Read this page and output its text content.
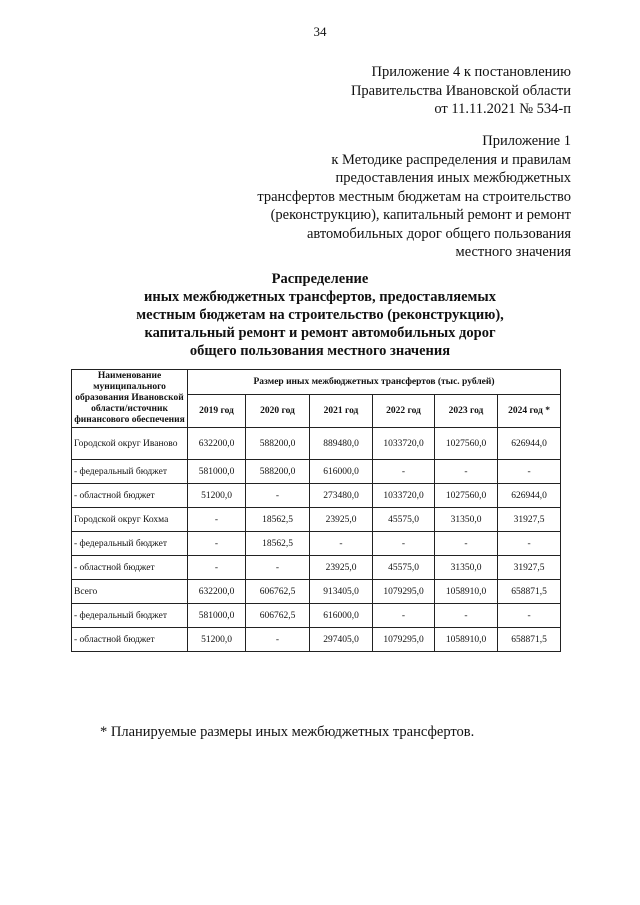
34
Приложение 4 к постановлению
Правительства Ивановской области
от 11.11.2021 № 534-п
Приложение 1
к Методике распределения и правилам
предоставления иных межбюджетных
трансфертов местным бюджетам на строительство
(реконструкцию), капитальный ремонт и ремонт
автомобильных дорог общего пользования
местного значения
Распределение
иных межбюджетных трансфертов, предоставляемых
местным бюджетам на строительство (реконструкцию),
капитальный ремонт и ремонт автомобильных дорог
общего пользования местного значения
Наименование муниципального образования Ивановской области/источник финансового обеспечения	Размер иных межбюджетных трансфертов (тыс. рублей)					
	2019 год	2020 год	2021 год	2022 год	2023 год	2024 год *
Городской округ Иваново	632200,0	588200,0	889480,0	1033720,0	1027560,0	626944,0
- федеральный бюджет	581000,0	588200,0	616000,0	-	-	-
- областной бюджет	51200,0	-	273480,0	1033720,0	1027560,0	626944,0
Городской округ Кохма	-	18562,5	23925,0	45575,0	31350,0	31927,5
- федеральный бюджет	-	18562,5	-	-	-	-
- областной бюджет	-	-	23925,0	45575,0	31350,0	31927,5
Всего	632200,0	606762,5	913405,0	1079295,0	1058910,0	658871,5
- федеральный бюджет	581000,0	606762,5	616000,0	-	-	-
- областной бюджет	51200,0	-	297405,0	1079295,0	1058910,0	658871,5
* Планируемые размеры иных межбюджетных трансфертов.
